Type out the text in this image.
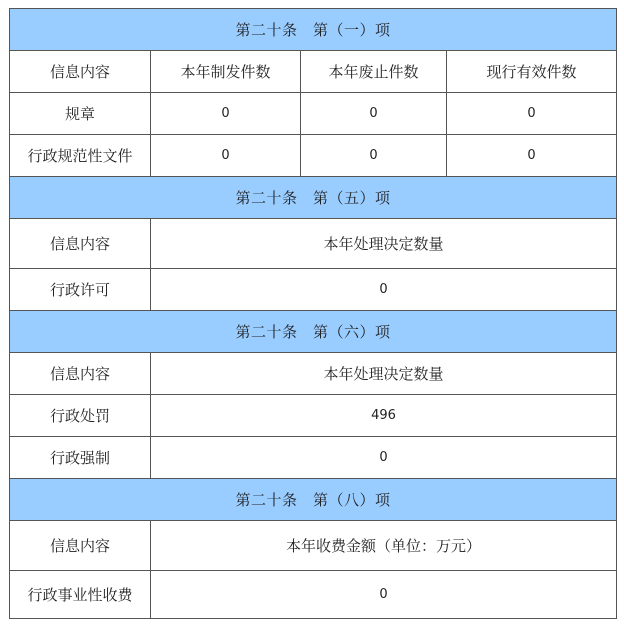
第二十条　第（一）项			
信息内容	本年制发件数	本年废止件数	现行有效件数
规章	0	0	0
行政规范性文件	0	0	0
第二十条　第（五）项			
信息内容	本年处理决定数量		
行政许可	0		
第二十条　第（六）项			
信息内容	本年处理决定数量		
行政处罚	496		
行政强制	0		
第二十条　第（八）项			
信息内容	本年收费金额（单位：万元）		
行政事业性收费	0		
